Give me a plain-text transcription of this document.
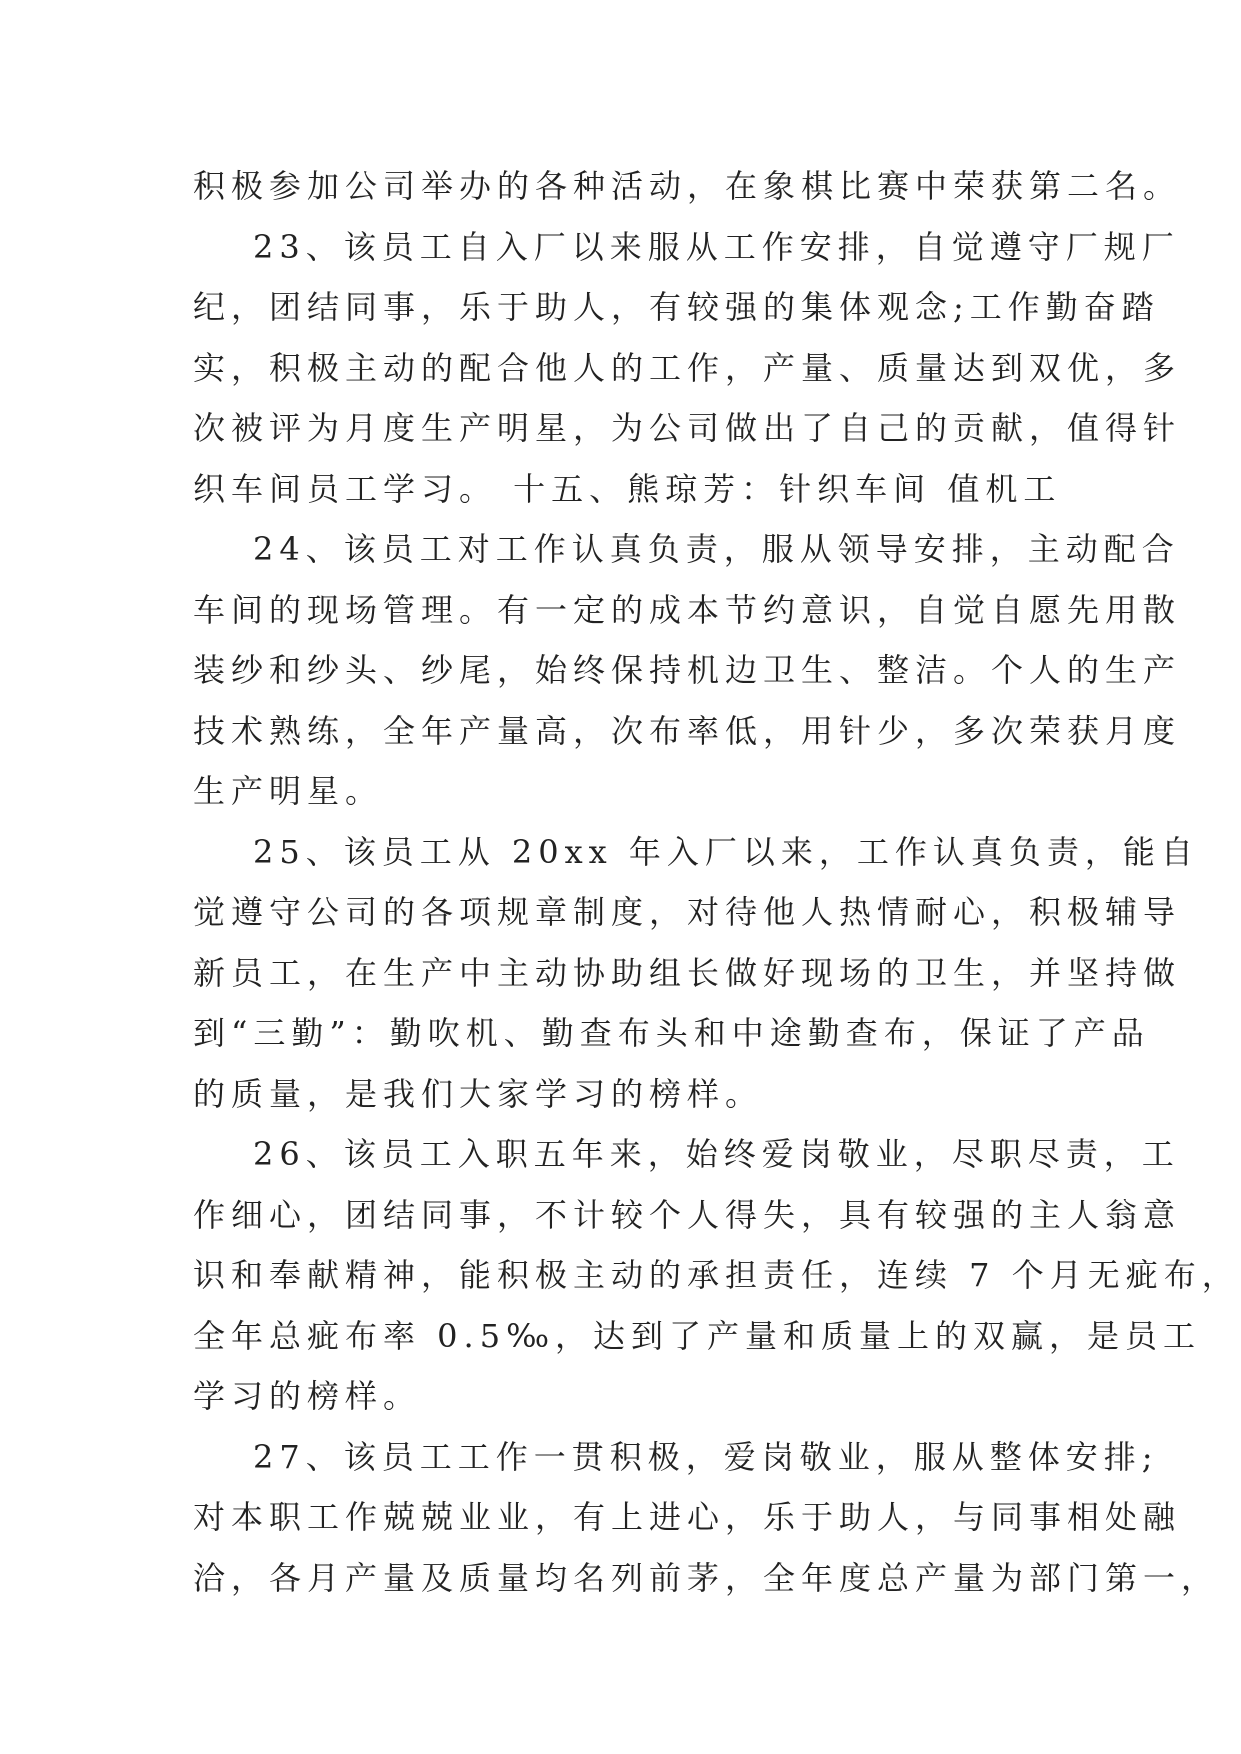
积极参加公司举办的各种活动，在象棋比赛中荣获第二名。
23、该员工自入厂以来服从工作安排，自觉遵守厂规厂
纪，团结同事，乐于助人，有较强的集体观念;工作勤奋踏
实，积极主动的配合他人的工作，产量、质量达到双优，多
次被评为月度生产明星，为公司做出了自己的贡献，值得针
织车间员工学习。 十五、熊琼芳：针织车间 值机工
24、该员工对工作认真负责，服从领导安排，主动配合
车间的现场管理。有一定的成本节约意识，自觉自愿先用散
装纱和纱头、纱尾，始终保持机边卫生、整洁。个人的生产
技术熟练，全年产量高，次布率低，用针少，多次荣获月度
生产明星。
25、该员工从 20xx 年入厂以来，工作认真负责，能自
觉遵守公司的各项规章制度，对待他人热情耐心，积极辅导
新员工，在生产中主动协助组长做好现场的卫生，并坚持做
到“三勤”：勤吹机、勤查布头和中途勤查布，保证了产品
的质量，是我们大家学习的榜样。
26、该员工入职五年来，始终爱岗敬业，尽职尽责，工
作细心，团结同事，不计较个人得失，具有较强的主人翁意
识和奉献精神，能积极主动的承担责任，连续 7 个月无疵布，
全年总疵布率 0.5‰，达到了产量和质量上的双赢，是员工
学习的榜样。
27、该员工工作一贯积极，爱岗敬业，服从整体安排;
对本职工作兢兢业业，有上进心，乐于助人，与同事相处融
洽，各月产量及质量均名列前茅，全年度总产量为部门第一，
